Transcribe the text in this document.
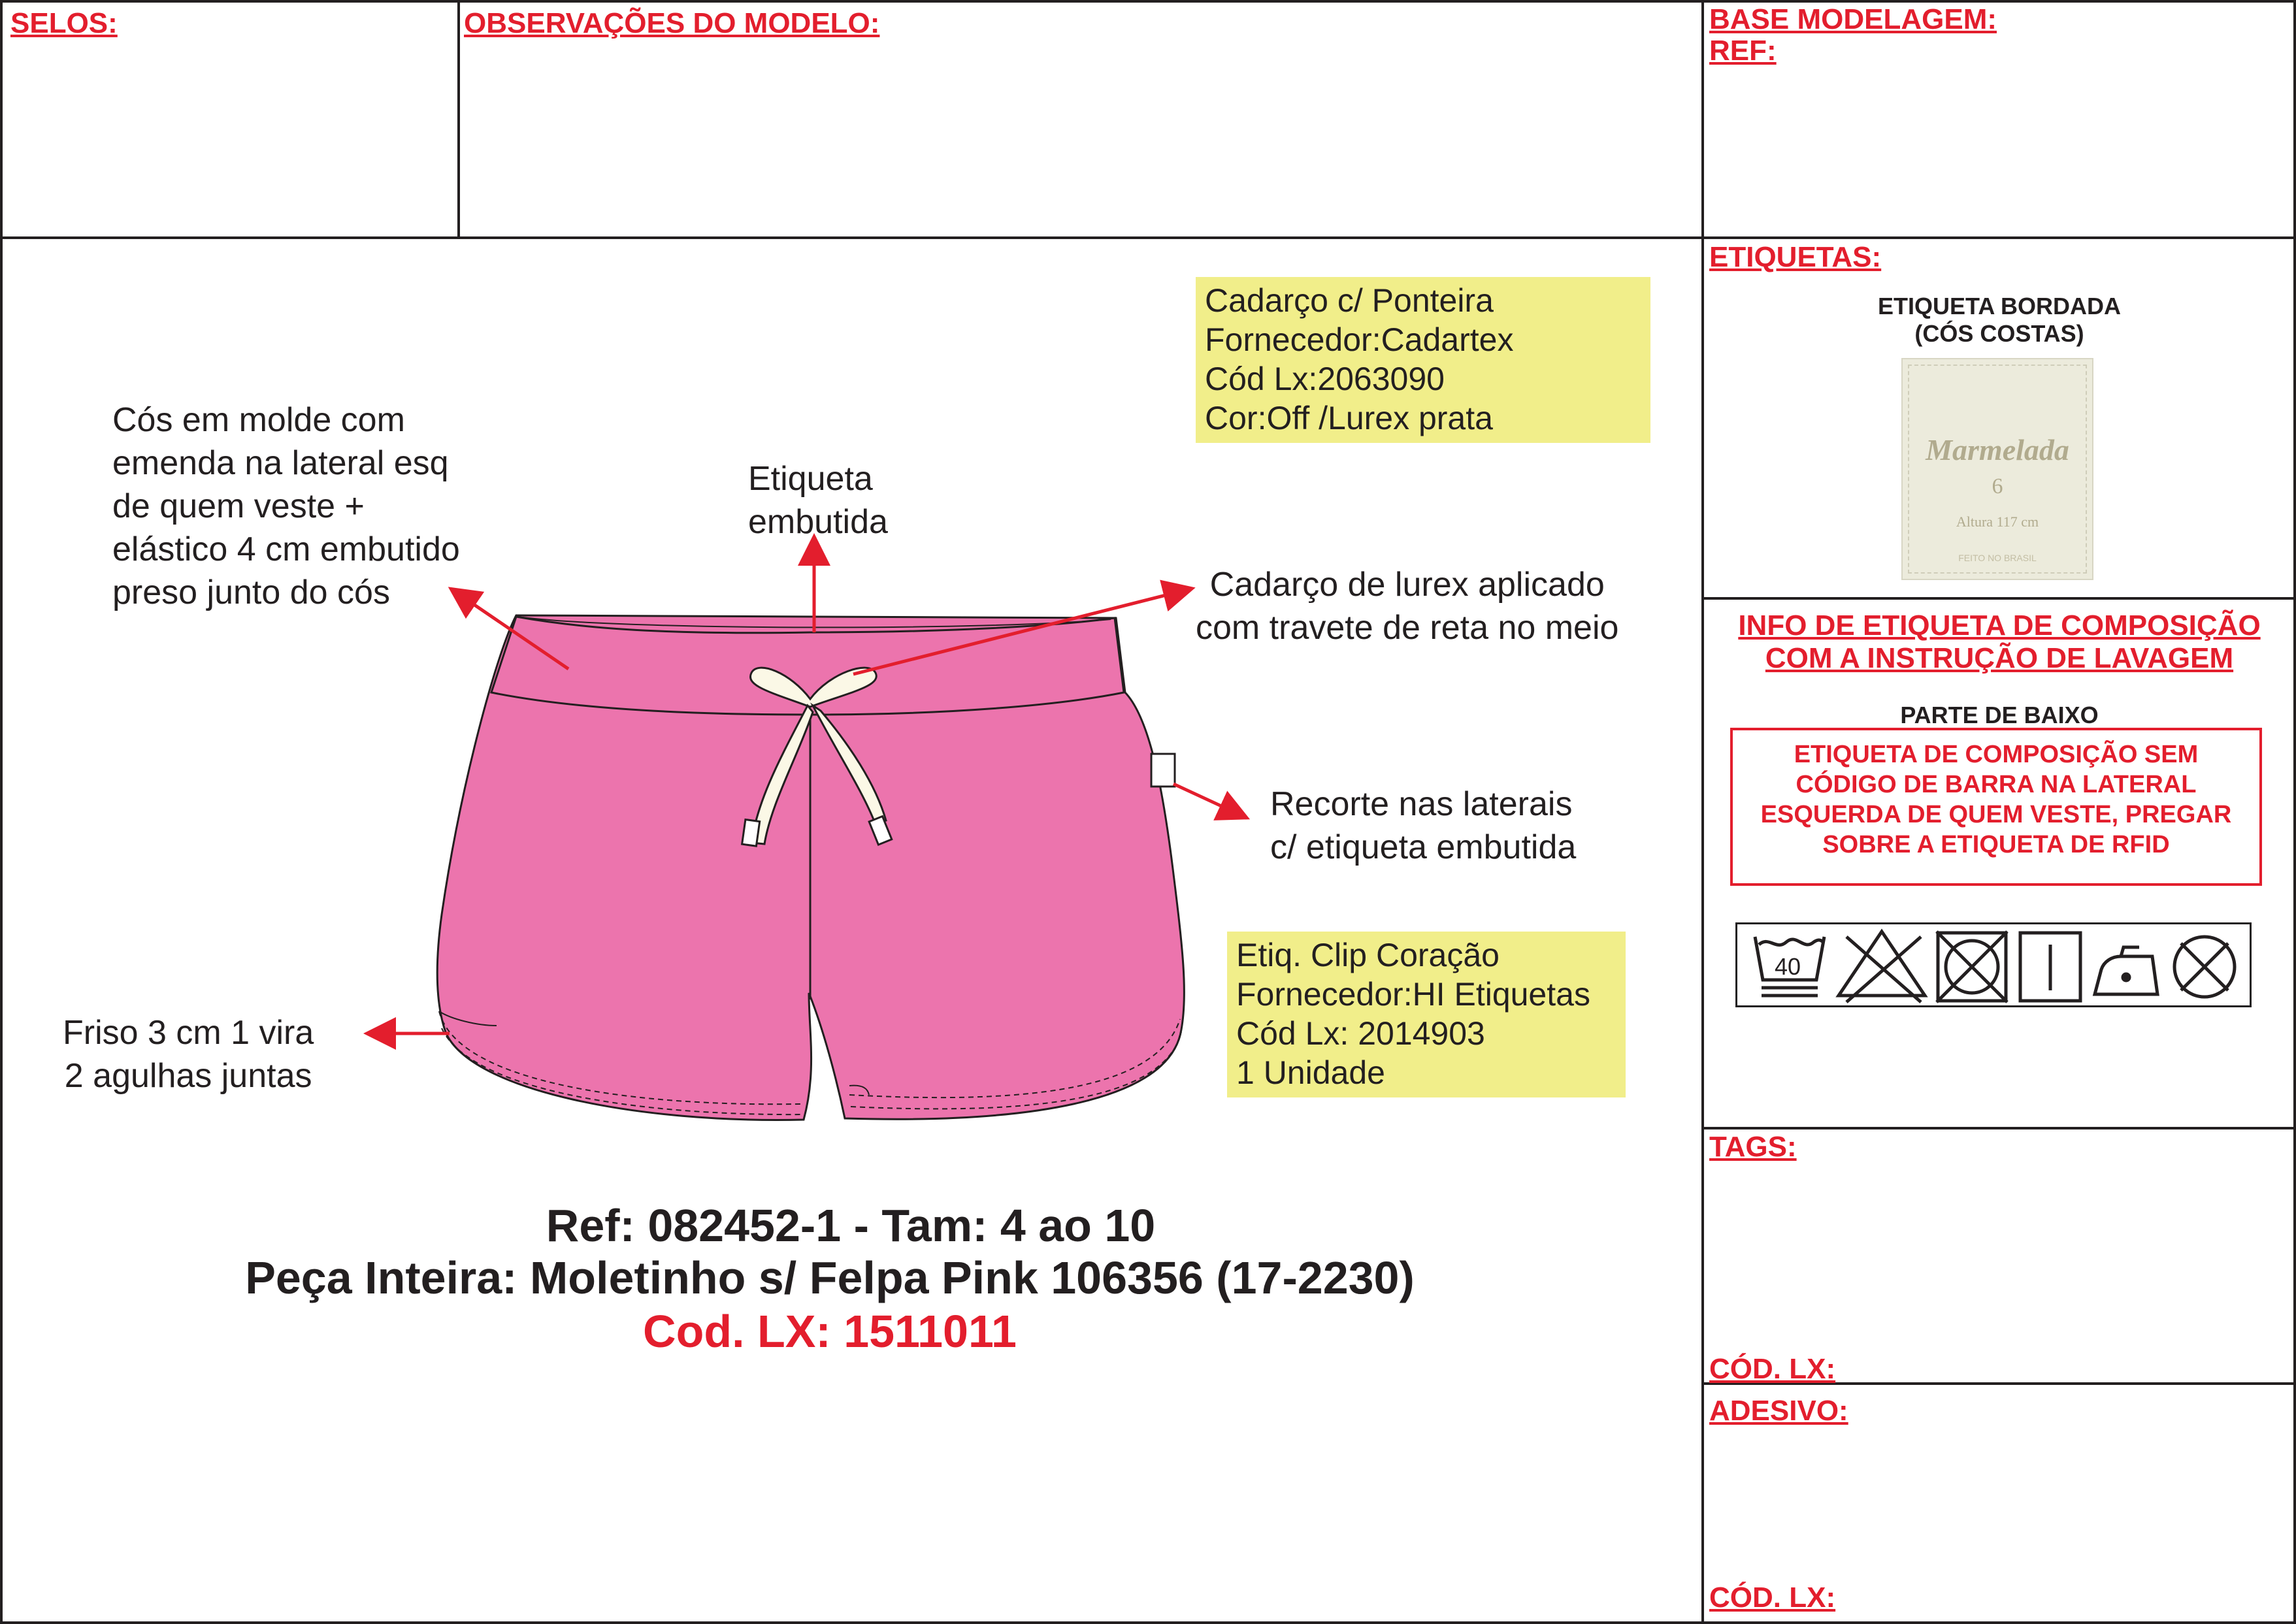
SELOS:	OBSERVAÇÕES DO MODELO:	BASE MODELAGEM:
REF:
Cós em molde com
emenda na lateral esq
de quem veste +
elástico 4 cm embutido
preso junto do cós
Etiqueta
embutida
Cadarço de lurex aplicado
com travete de reta no meio
Recorte nas laterais
c/ etiqueta embutida
Friso 3 cm 1 vira
2 agulhas juntas
Cadarço c/ Ponteira
Fornecedor:Cadartex
Cód Lx:2063090
Cor:Off /Lurex prata
Etiq. Clip Coração
Fornecedor:HI Etiquetas
Cód Lx: 2014903
1 Unidade
Ref: 082452-1 - Tam: 4 ao 10
Peça Inteira: Moletinho s/ Felpa Pink 106356 (17-2230)
Cod. LX: 1511011
ETIQUETAS:
ETIQUETA BORDADA
(CÓS COSTAS)
Marmelada
6
Altura 117 cm
FEITO NO BRASIL
INFO DE ETIQUETA DE COMPOSIÇÃO
COM A INSTRUÇÃO DE LAVAGEM
PARTE DE BAIXO
ETIQUETA DE COMPOSIÇÃO SEM
CÓDIGO DE BARRA NA LATERAL
ESQUERDA DE QUEM VESTE, PREGAR
SOBRE A ETIQUETA DE RFID
40
TAGS:
CÓD. LX:
ADESIVO:
CÓD. LX:
